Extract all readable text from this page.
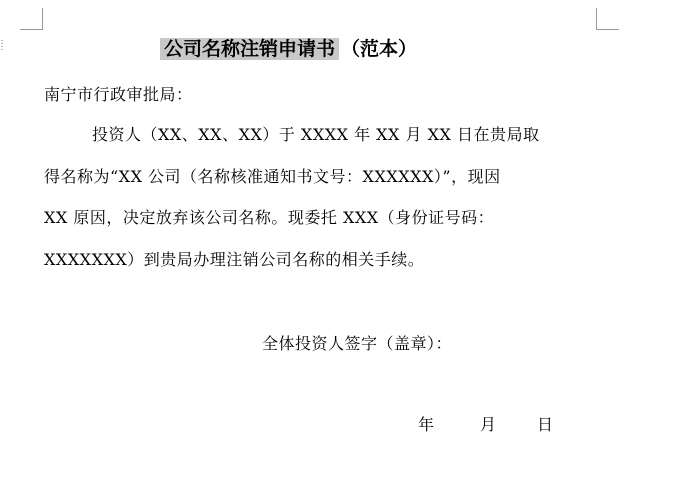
公司名称注销申请书 （范本）
南宁市行政审批局：
投资人（XX、XX、XX）于 XXXX 年 XX 月 XX 日在贵局取
得名称为“XX 公司（名称核准通知书文号：XXXXXX）”，现因
XX 原因，决定放弃该公司名称。现委托 XXX（身份证号码：
XXXXXXX）到贵局办理注销公司名称的相关手续。
全体投资人签字（盖章）：
年	月	日
